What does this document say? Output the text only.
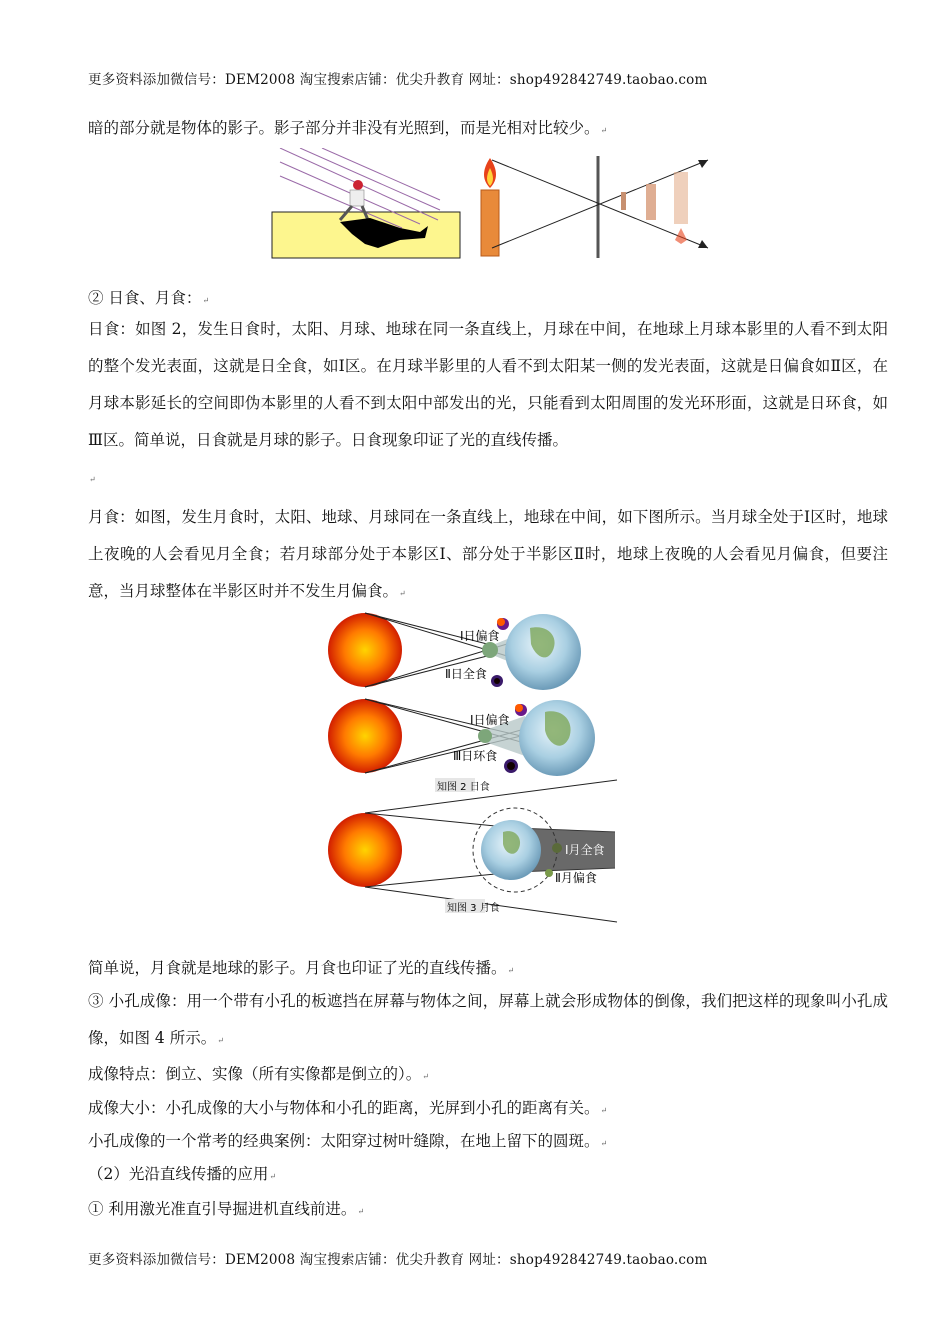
更多资料添加微信号：DEM2008 淘宝搜索店铺：优尖升教育 网址：shop492842749.taobao.com
暗的部分就是物体的影子。影子部分并非没有光照到，而是光相对比较少。↵
② 日食、月食：↵
日食：如图 2，发生日食时，太阳、月球、地球在同一条直线上，月球在中间，在地球上月球本影里的人看不到太阳的整个发光表面，这就是日全食，如Ⅰ区。在月球半影里的人看不到太阳某一侧的发光表面，这就是日偏食如Ⅱ区，在月球本影延长的空间即伪本影里的人看不到太阳中部发出的光，只能看到太阳周围的发光环形面，这就是日环食，如Ⅲ区。简单说，日食就是月球的影子。日食现象印证了光的直线传播。
↵
月食：如图，发生月食时，太阳、地球、月球同在一条直线上，地球在中间，如下图所示。当月球全处于Ⅰ区时，地球上夜晚的人会看见月全食；若月球部分处于本影区Ⅰ、部分处于半影区Ⅱ时，地球上夜晚的人会看见月偏食，但要注意，当月球整体在半影区时并不发生月偏食。↵
Ⅰ日偏食
Ⅱ日全食
Ⅰ日偏食
Ⅲ日环食
知图 2 日食
Ⅰ月全食
Ⅱ月偏食
知图 3 月食
简单说，月食就是地球的影子。月食也印证了光的直线传播。↵
③ 小孔成像：用一个带有小孔的板遮挡在屏幕与物体之间，屏幕上就会形成物体的倒像，我们把这样的现象叫小孔成像，如图 4 所示。↵
成像特点：倒立、实像（所有实像都是倒立的）。↵
成像大小：小孔成像的大小与物体和小孔的距离，光屏到小孔的距离有关。↵
小孔成像的一个常考的经典案例：太阳穿过树叶缝隙，在地上留下的圆斑。↵
（2）光沿直线传播的应用↵
① 利用激光准直引导掘进机直线前进。↵
更多资料添加微信号：DEM2008 淘宝搜索店铺：优尖升教育 网址：shop492842749.taobao.com
